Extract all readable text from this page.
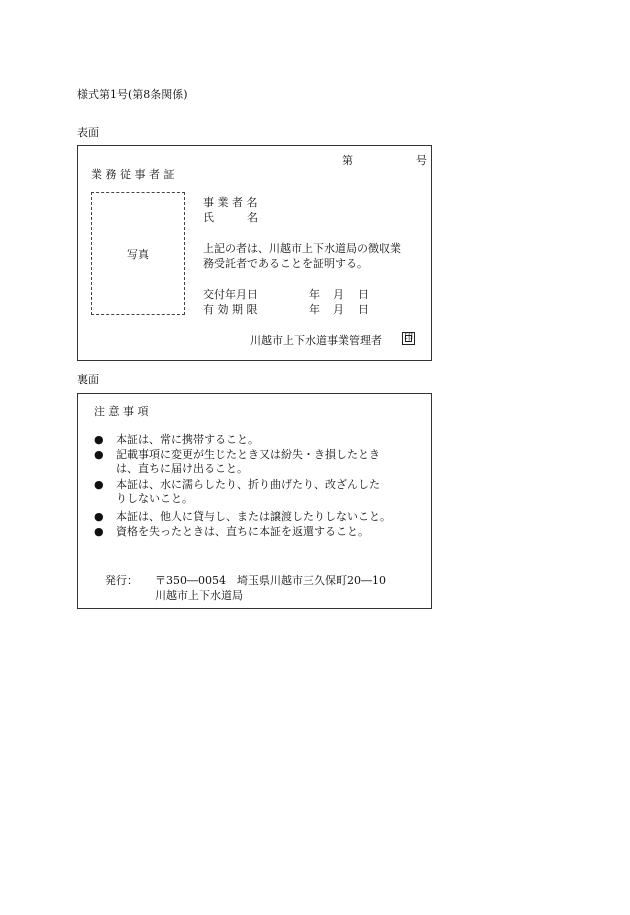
様式第1号(第8条関係)
表面
第	号
業 務 従 事 者 証
写真
事 業 者 名
氏　　　名
上記の者は、川越市上下水道局の徴収業
務受託者であることを証明する。
交付年月日	年 月 日
有 効 期 限	年 月 日
川越市上下水道事業管理者 印
裏面
注 意 事 項
● 本証は、常に携帯すること。
● 記載事項に変更が生じたとき又は紛失・き損したとき
は、直ちに届け出ること。
● 本証は、水に濡らしたり、折り曲げたり、改ざんした
りしないこと。
● 本証は、他人に貸与し、または譲渡したりしないこと。
● 資格を失ったときは、直ちに本証を返還すること。
発行： 〒350―0054　埼玉県川越市三久保町20―10
川越市上下水道局
